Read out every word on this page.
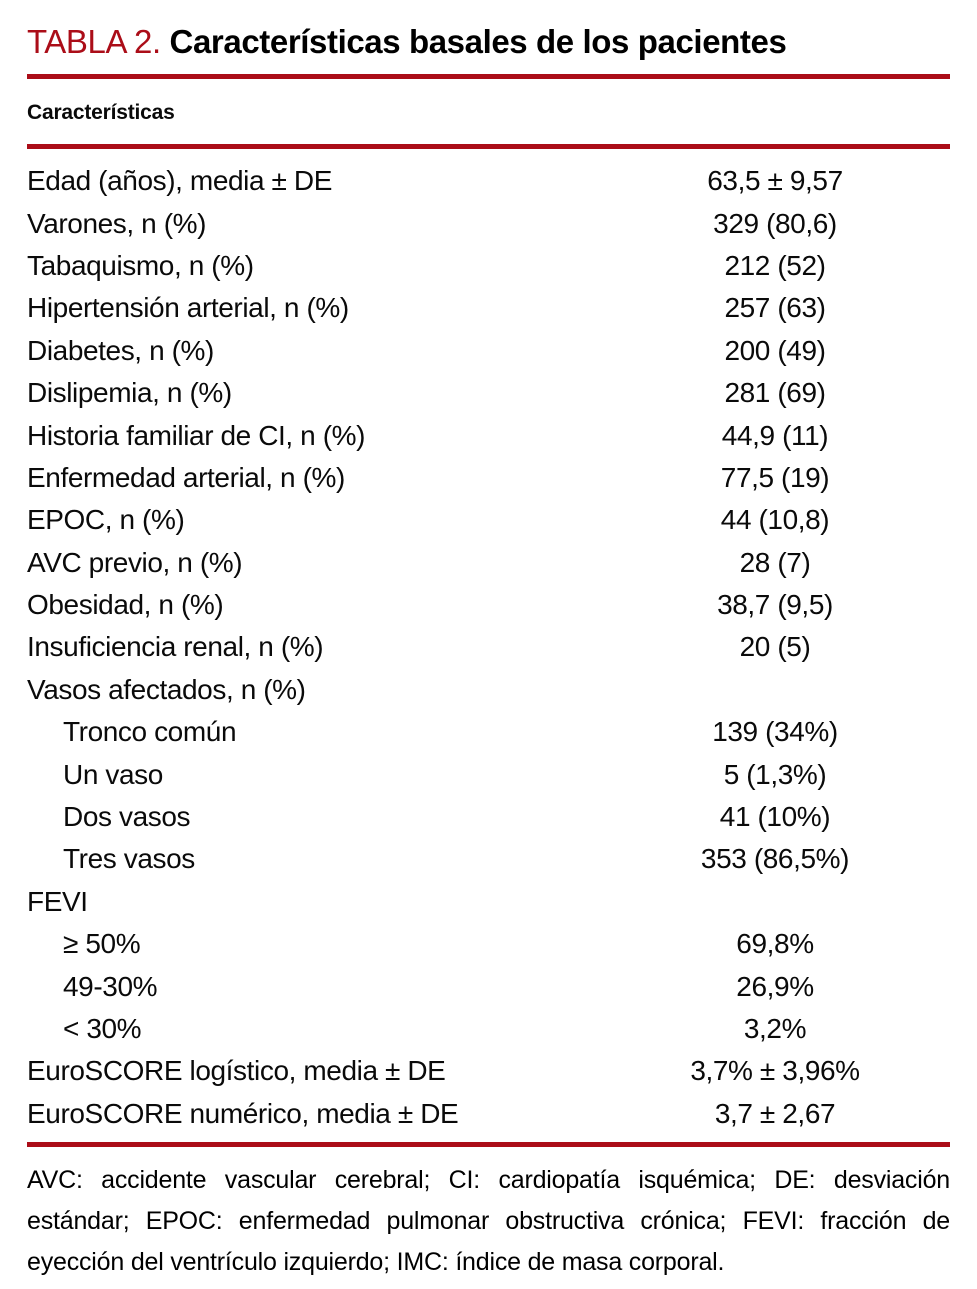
TABLA 2. Características basales de los pacientes
Características
Edad (años), media ± DE	63,5 ± 9,57
Varones, n (%)	329 (80,6)
Tabaquismo, n (%)	212 (52)
Hipertensión arterial, n (%)	257 (63)
Diabetes, n (%)	200 (49)
Dislipemia, n (%)	281 (69)
Historia familiar de CI, n (%)	44,9 (11)
Enfermedad arterial, n (%)	77,5 (19)
EPOC, n (%)	44 (10,8)
AVC previo, n (%)	28 (7)
Obesidad, n (%)	38,7 (9,5)
Insuficiencia renal, n (%)	20 (5)
Vasos afectados, n (%)
Tronco común	139 (34%)
Un vaso	5 (1,3%)
Dos vasos	41 (10%)
Tres vasos	353 (86,5%)
FEVI
≥ 50%	69,8%
49-30%	26,9%
< 30%	3,2%
EuroSCORE logístico, media ± DE	3,7% ± 3,96%
EuroSCORE numérico, media ± DE	3,7 ± 2,67
AVC: accidente vascular cerebral; CI: cardiopatía isquémica; DE: desviación estándar; EPOC: enfermedad pulmonar obstructiva crónica; FEVI: fracción de eyección del ventrículo izquierdo; IMC: índice de masa corporal.
